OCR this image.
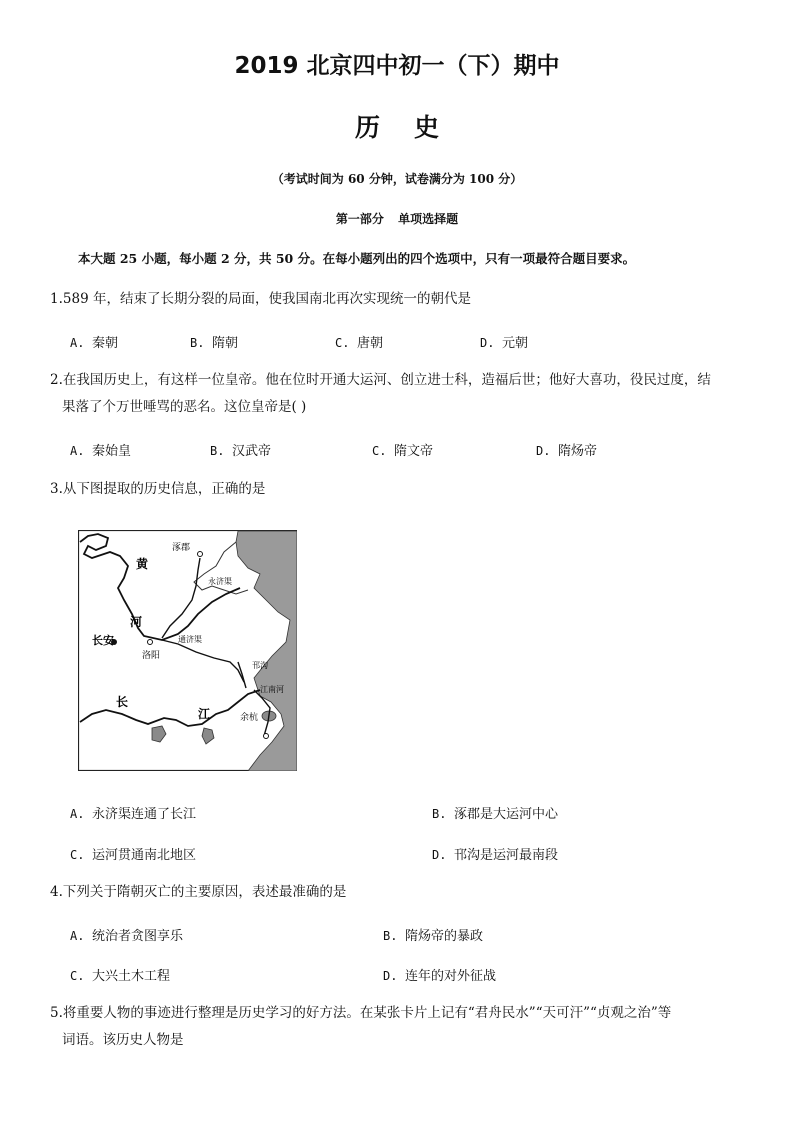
2019 北京四中初一（下）期中
历史
（考试时间为 60 分钟，试卷满分为 100 分）
第一部分 单项选择题
本大题 25 小题，每小题 2 分，共 50 分。在每小题列出的四个选项中，只有一项最符合题目要求。
1.589 年，结束了长期分裂的局面，使我国南北再次实现统一的朝代是
A. 秦朝	B. 隋朝	C. 唐朝	D. 元朝
2.在我国历史上，有这样一位皇帝。他在位时开通大运河、创立进士科，造福后世；他好大喜功，役民过度，结
果落了个万世唾骂的恶名。这位皇帝是( )
A. 秦始皇	B. 汉武帝	C. 隋文帝	D. 隋炀帝
3.从下图提取的历史信息，正确的是
涿郡
永济渠
黄
河
长安
洛阳
通济渠
邗沟
江南河
长
江	余杭
A. 永济渠连通了长江	B. 涿郡是大运河中心
C. 运河贯通南北地区	D. 邗沟是运河最南段
4.下列关于隋朝灭亡的主要原因，表述最准确的是
A. 统治者贪图享乐	B. 隋炀帝的暴政
C. 大兴土木工程	D. 连年的对外征战
5.将重要人物的事迹进行整理是历史学习的好方法。在某张卡片上记有“君舟民水”“天可汗”“贞观之治”等
词语。该历史人物是
